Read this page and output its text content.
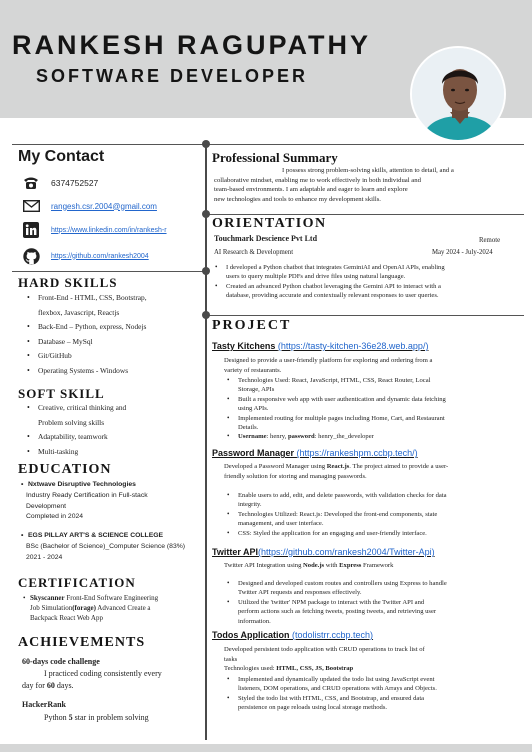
RANKESH RAGUPATHY
SOFTWARE DEVELOPER
My Contact
6374752527
rangesh.csr.2004@gmail.com
https://www.linkedin.com/in/rankesh-r
https://github.com/rankesh2004
HARD SKILLS
• Front-End - HTML, CSS, Bootstrap,
flexbox, Javascript, Reactjs
• Back-End – Python, express, Nodejs
• Database – MySql
• Git/GitHub
• Operating Systems - Windows
SOFT SKILL
• Creative, critical thinking and
Problem solving skills
• Adaptability, teamwork
• Multi-tasking
EDUCATION
• Nxtwave Disruptive Technologies
Industry Ready Certification in Full-stack
Development
Completed in 2024
• EGS PILLAY ART'S & SCIENCE COLLEGE
BSc (Bachelor of Science)_Computer Science (83%)
2021 - 2024
CERTIFICATION
• Skyscanner Front-End Software Engineering
Job Simulation(forage) Advanced Create a
Backpack React Web App
ACHIEVEMENTS
60-days code challenge
I practiced coding consistently every
day for 60 days.
HackerRank
Python 5 star in problem solving
Professional Summary
I possess strong problem-solving skills, attention to detail, and a
collaborative mindset, enabling me to work effectively in both individual and
team-based environments. I am adaptable and eager to learn and explore
new technologies and tools to enhance my development skills.
ORIENTATION
Touchmark Descience Pvt Ltd	Remote
AI Research & Development	May 2024 - July-2024
• I developed a Python chatbot that integrates GeminiAI and OpenAI APIs, enabling
users to query multiple PDFs and drive files using natural language.
• Created an advanced Python chatbot leveraging the Gemini API to interact with a
database, providing accurate and contextually relevant responses to user queries.
PROJECT
Tasty Kitchens (https://tasty-kitchen-36e28.web.app/)
Designed to provide a user-friendly platform for exploring and ordering from a
variety of restaurants.
• Technologies Used: React, JavaScript, HTML, CSS, React Router, Local
Storage, APIs
• Built a responsive web app with user authentication and dynamic data fetching
using APIs.
• Implemented routing for multiple pages including Home, Cart, and Restaurant
Details.
• Username: henry, password: henry_the_developer
Password Manager (https://rankeshpm.ccbp.tech/)
Developed a Password Manager using React.js. The project aimed to provide a user-
friendly solution for storing and managing passwords.
• Enable users to add, edit, and delete passwords, with validation checks for data
integrity.
• Technologies Utilized: React.js: Developed the front-end components, state
management, and user interface.
• CSS: Styled the application for an engaging and user-friendly interface.
Twitter API(https://github.com/rankesh2004/Twitter-Api)
Twitter API Integration using Node.js with Express Framework
• Designed and developed custom routes and controllers using Express to handle
Twitter API requests and responses effectively.
• Utilized the 'twitter' NPM package to interact with the Twitter API and
perform actions such as fetching tweets, posting tweets, and retrieving user
information.
Todos Application (todolistrr.ccbp.tech)
Developed persistent todo application with CRUD operations to track list of
tasks
Technologies used: HTML, CSS, JS, Bootstrap
• Implemented and dynamically updated the todo list using JavaScript event
listeners, DOM operations, and CRUD operations with Arrays and Objects.
• Styled the todo list with HTML, CSS, and Bootstrap, and ensured data
persistence on page reloads using local storage methods.
